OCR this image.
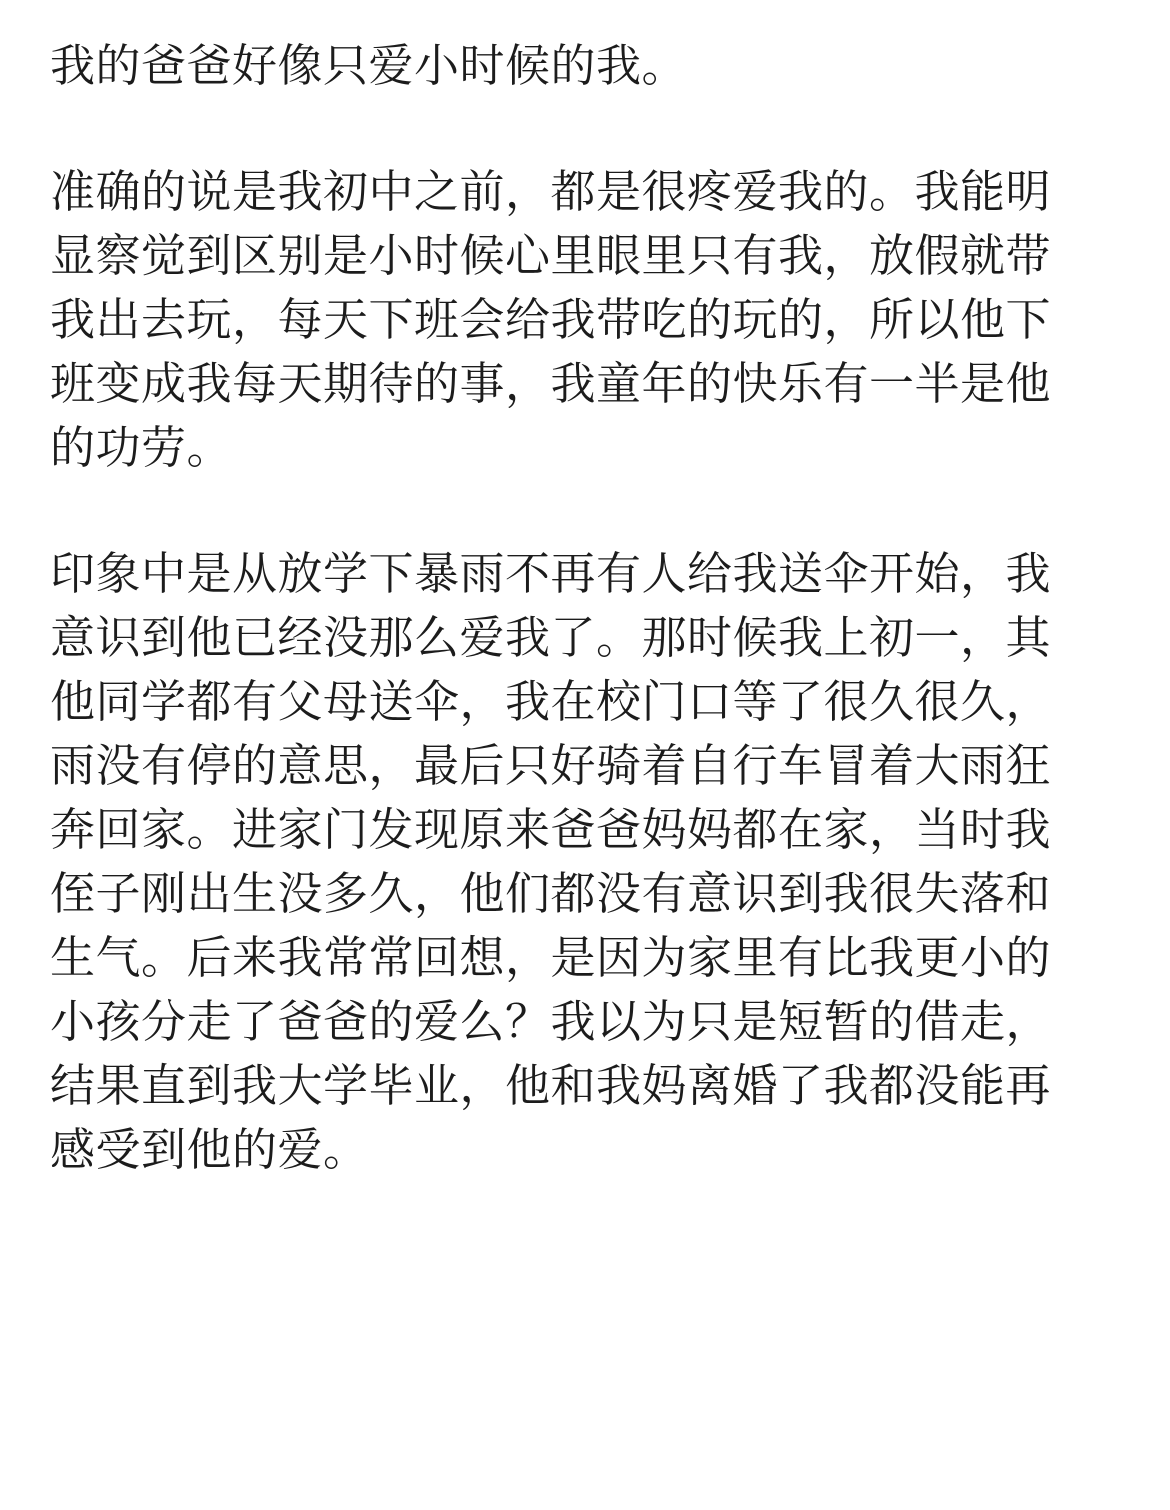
我的爸爸好像只爱小时候的我。

准确的说是我初中之前，都是很疼爱我的。我能明显察觉到区别是小时候心里眼里只有我，放假就带我出去玩，每天下班会给我带吃的玩的，所以他下班变成我每天期待的事，我童年的快乐有一半是他的功劳。

印象中是从放学下暴雨不再有人给我送伞开始，我意识到他已经没那么爱我了。那时候我上初一，其他同学都有父母送伞，我在校门口等了很久很久，雨没有停的意思，最后只好骑着自行车冒着大雨狂奔回家。进家门发现原来爸爸妈妈都在家，当时我侄子刚出生没多久，他们都没有意识到我很失落和生气。后来我常常回想，是因为家里有比我更小的小孩分走了爸爸的爱么？我以为只是短暂的借走，结果直到我大学毕业，他和我妈离婚了我都没能再感受到他的爱。
